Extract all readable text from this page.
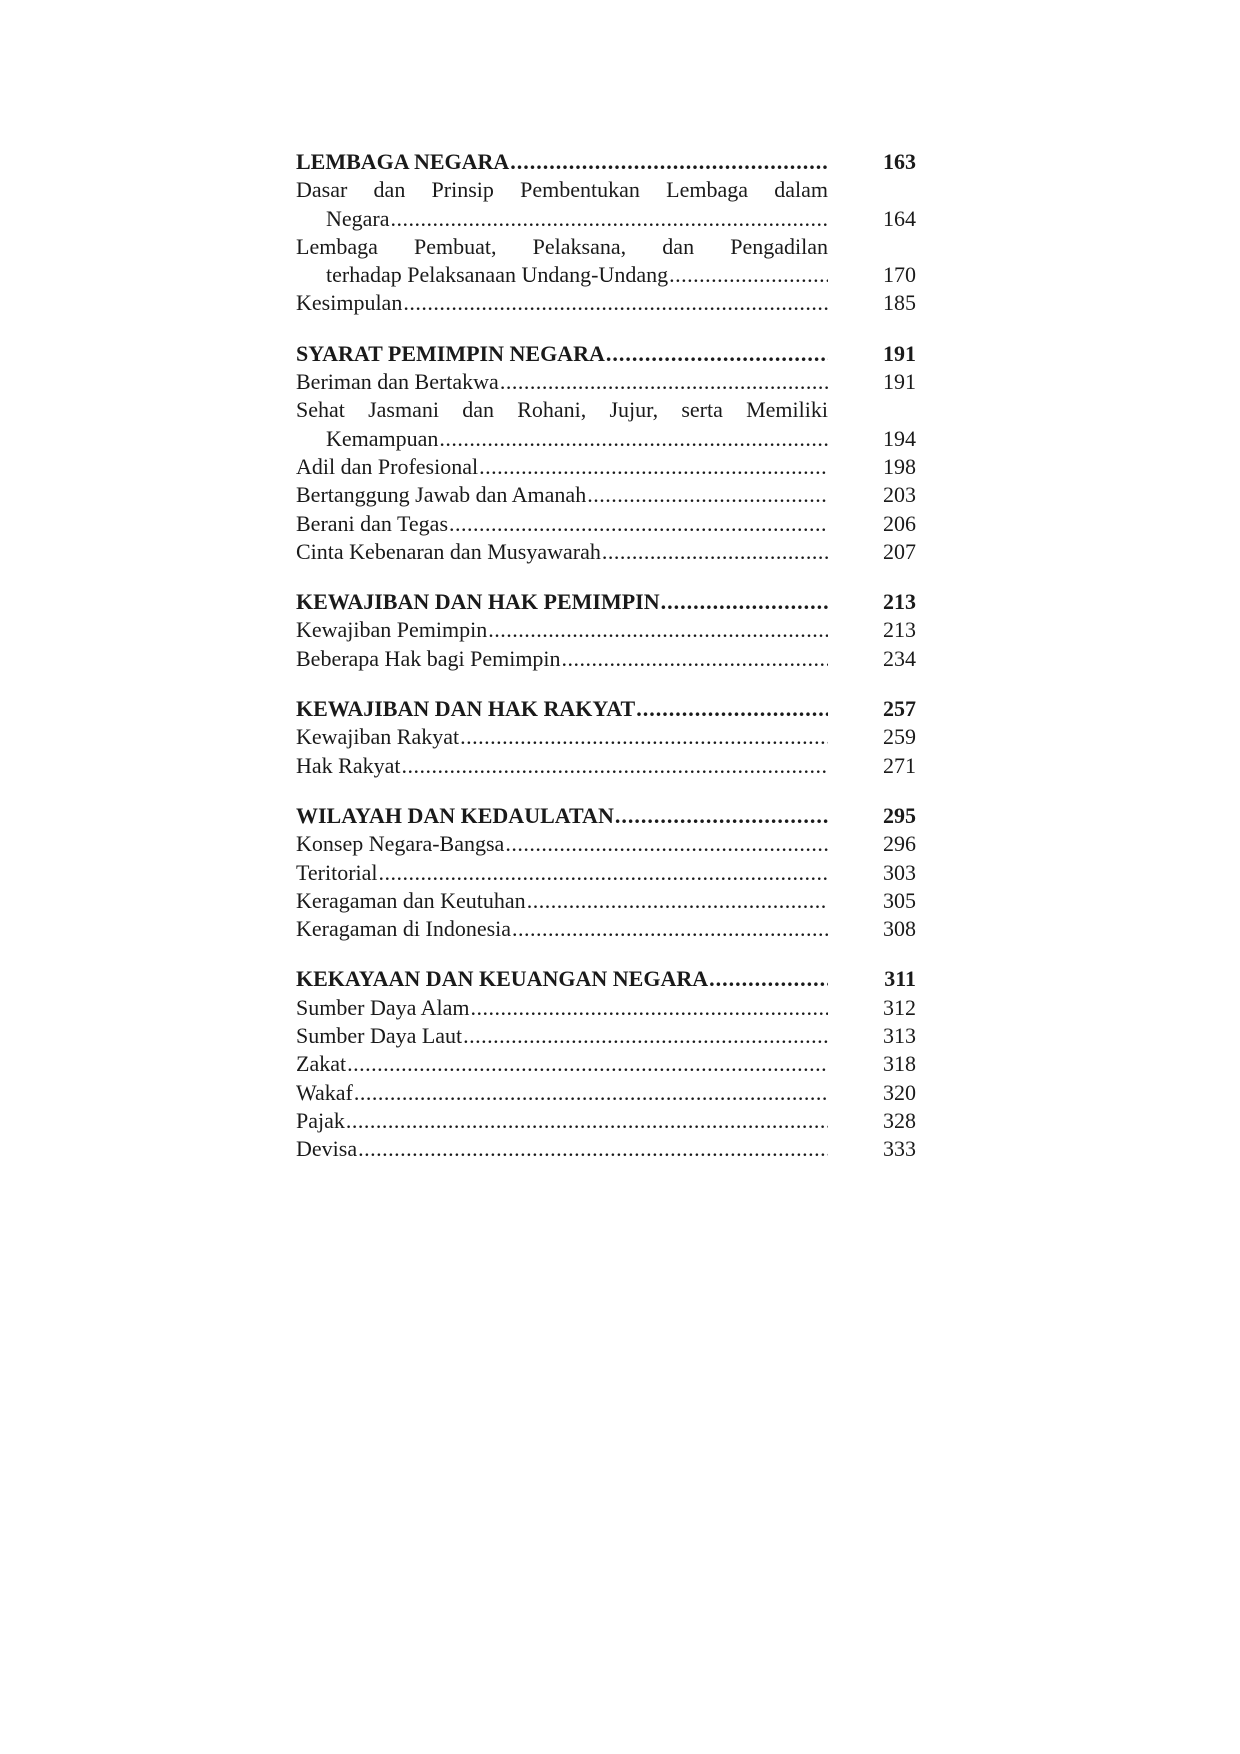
LEMBAGA NEGARA .....	163
Dasar dan Prinsip Pembentukan Lembaga dalam
Negara .....	164
Lembaga Pembuat, Pelaksana, dan Pengadilan
terhadap Pelaksanaan Undang-Undang .....	170
Kesimpulan .....	185
SYARAT PEMIMPIN NEGARA .....	191
Beriman dan Bertakwa .....	191
Sehat Jasmani dan Rohani, Jujur, serta Memiliki
Kemampuan .....	194
Adil dan Profesional .....	198
Bertanggung Jawab dan Amanah .....	203
Berani dan Tegas .....	206
Cinta Kebenaran dan Musyawarah .....	207
KEWAJIBAN DAN HAK PEMIMPIN .....	213
Kewajiban Pemimpin .....	213
Beberapa Hak bagi Pemimpin .....	234
KEWAJIBAN DAN HAK RAKYAT .....	257
Kewajiban Rakyat .....	259
Hak Rakyat .....	271
WILAYAH DAN KEDAULATAN .....	295
Konsep Negara-Bangsa .....	296
Teritorial .....	303
Keragaman dan Keutuhan .....	305
Keragaman di Indonesia .....	308
KEKAYAAN DAN KEUANGAN NEGARA .....	311
Sumber Daya Alam .....	312
Sumber Daya Laut .....	313
Zakat .....	318
Wakaf .....	320
Pajak .....	328
Devisa .....	333
